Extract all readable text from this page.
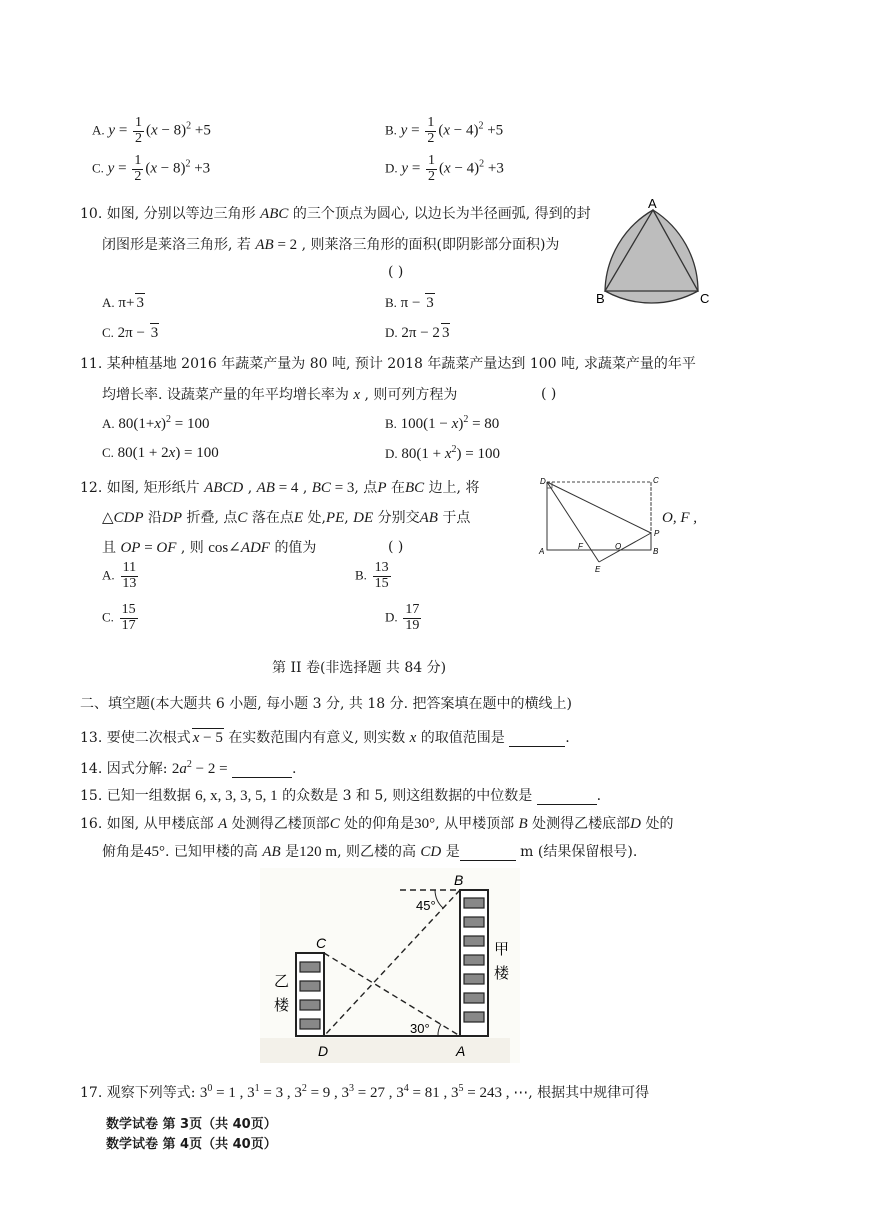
A. $y = \frac{1}{2} (x - 8)^2 +5$	B. $y = \frac{1}{2} (x - 4)^2 +5$
C. $y = \frac{1}{2} (x - 8)^2 +3$	D. $y = \frac{1}{2} (x - 4)^2 +3$
10. 如图, 分别以等边三角形 ABC 的三个顶点为圆心, 以边长为半径画弧, 得到的封
闭图形是莱洛三角形, 若 AB = 2 , 则莱洛三角形的面积(即阴影部分面积)为
( )
A. π+ 3	B. π − 3
C. 2π − 3	D. 2π − 2 3
A
B	C
11. 某种植基地 2016 年蔬菜产量为 80 吨, 预计 2018 年蔬菜产量达到 100 吨, 求蔬菜产量的年平
均增长率. 设蔬菜产量的年平均增长率为 x , 则可列方程为	( )
A. $80(1+x)^2 = 100$	B. $100(1 - x)^2 = 80$
C. 80(1 + 2x) = 100	D. $80(1 + x^2) = 100$
12. 如图, 矩形纸片 ABCD , AB = 4 , BC = 3, 点P 在BC 边上, 将
△CDP 沿DP 折叠, 点C 落在点E 处,PE, DE 分别交AB 于点	O, F ,
且 OP = OF , 则 cos∠ADF 的值为	( )
A. $\frac{11}{13}$	B. $\frac{13}{15}$
C. $\frac{15}{17}$	D. $\frac{17}{19}$
D	C
P
A
F	O
B
E
第 II 卷(非选择题 共 84 分)
二、填空题(本大题共 6 小题, 每小题 3 分, 共 18 分. 把答案填在题中的横线上)
13. 要使二次根式 x − 5 在实数范围内有意义, 则实数 x 的取值范围是	.
14. 因式分解: $2a^2 - 2$ =	.
15. 已知一组数据 6, x, 3, 3, 5, 1 的众数是 3 和 5, 则这组数据的中位数是	.
16. 如图, 从甲楼底部 A 处测得乙楼顶部C 处的仰角是30°, 从甲楼顶部 B 处测得乙楼底部D 处的
俯角是45°. 已知甲楼的高 AB 是120 m, 则乙楼的高 CD 是	m (结果保留根号).
B
C
D	A
45°
30°
甲
楼
乙
楼
17. 观察下列等式: $3^0 = 1$ , $3^1 = 3$ , $3^2 = 9$ , $3^3 = 27$ , $3^4 = 81$ , $3^5 = 243$ , ⋯, 根据其中规律可得
数学试卷 第 3页（共 40页）
数学试卷 第 4页（共 40页）
